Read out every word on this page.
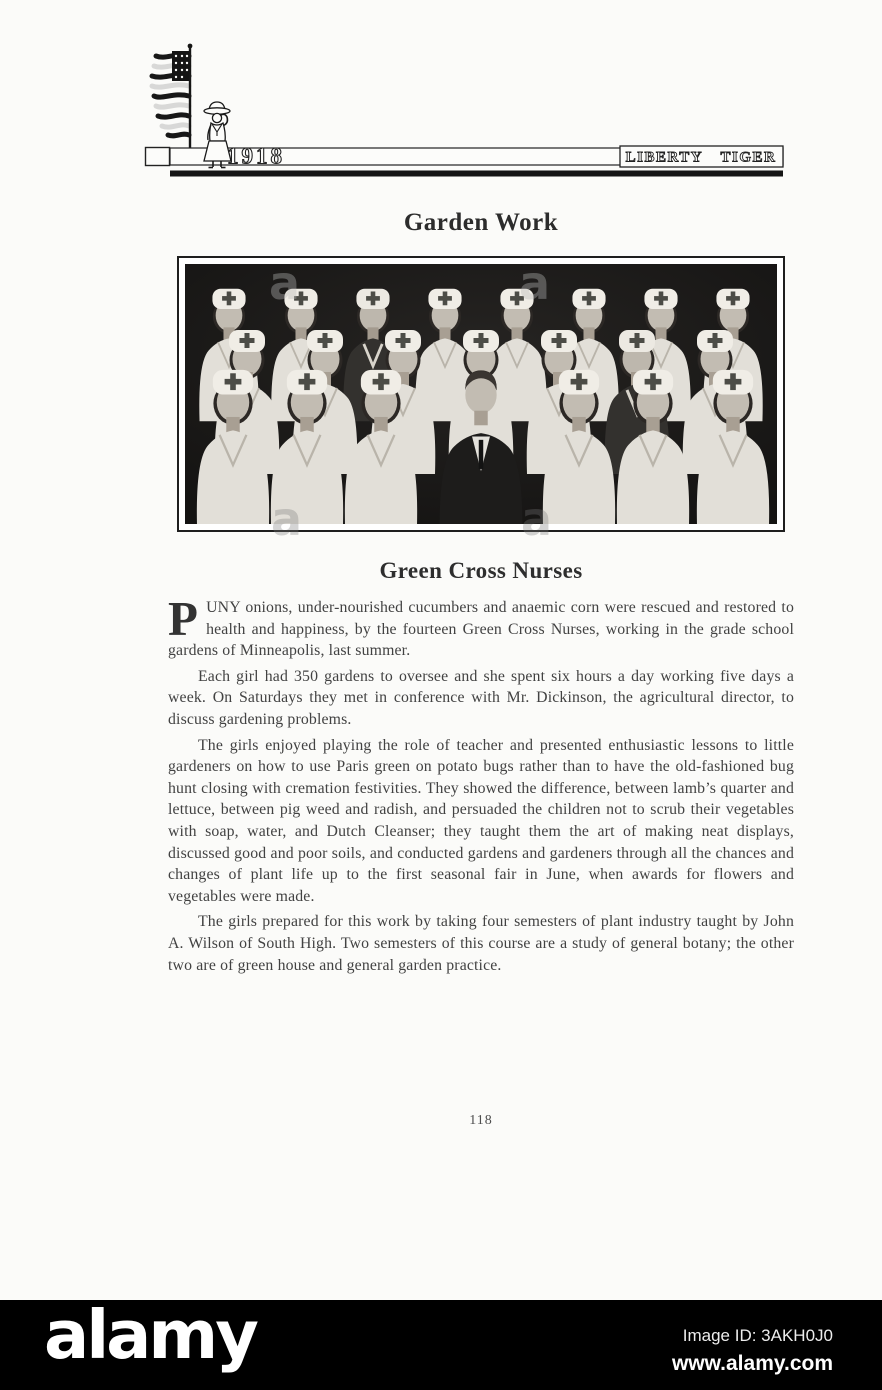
1918	LIBERTY TIGER
Garden Work
a	a
a	a
Green Cross Nurses

PUNY onions, under-nourished cucumbers and anaemic corn were rescued and restored to health and happiness, by the fourteen Green Cross Nurses, working in the grade school gardens of Minneapolis, last summer.

Each girl had 350 gardens to oversee and she spent six hours a day working five days a week. On Saturdays they met in conference with Mr. Dickinson, the agricultural director, to discuss gardening problems.

The girls enjoyed playing the role of teacher and presented enthusiastic lessons to little gardeners on how to use Paris green on potato bugs rather than to have the old-fashioned bug hunt closing with cremation festivities. They showed the difference, between lamb’s quarter and lettuce, between pig weed and radish, and persuaded the children not to scrub their vegetables with soap, water, and Dutch Cleanser; they taught them the art of making neat displays, discussed good and poor soils, and conducted gardens and gardeners through all the chances and changes of plant life up to the first seasonal fair in June, when awards for flowers and vegetables were made.

The girls prepared for this work by taking four semesters of plant industry taught by John A. Wilson of South High. Two semesters of this course are a study of general botany; the other two are of green house and general garden practice.

118
alamy	Image ID: 3AKH0J0

www.alamy.com
